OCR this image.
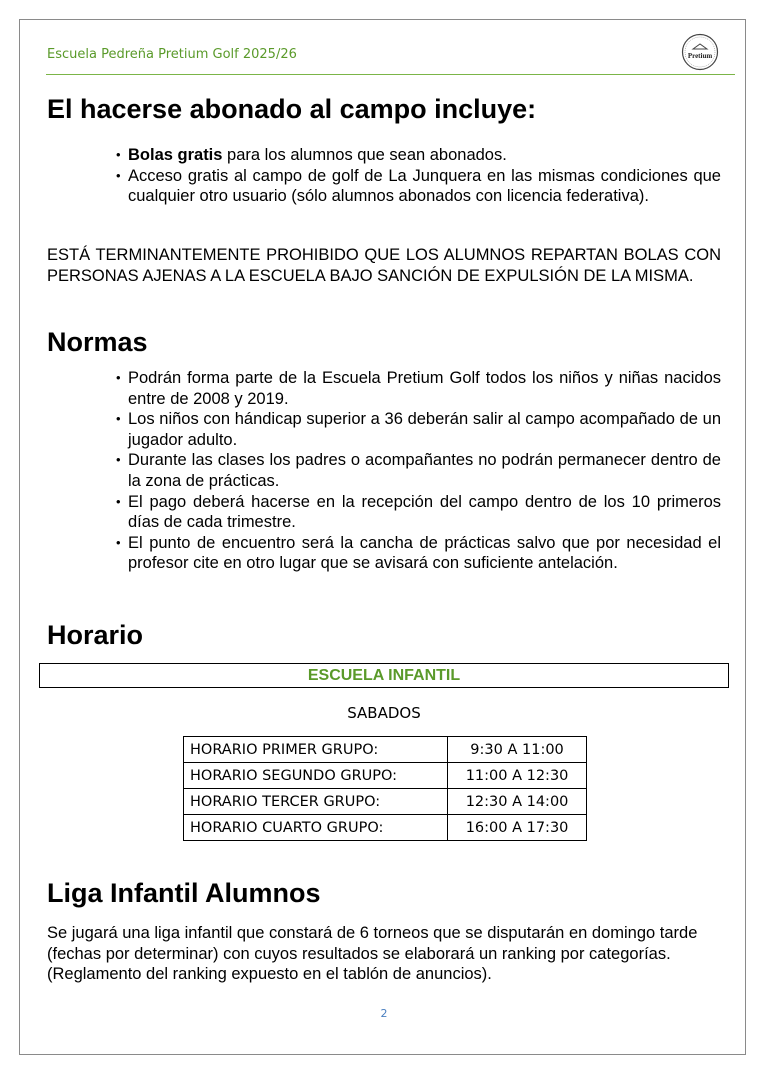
Escuela Pedreña Pretium Golf 2025/26	Pretium
El hacerse abonado al campo incluye:
• Bolas gratis para los alumnos que sean abonados.
• Acceso gratis al campo de golf de La Junquera en las mismas condiciones que cualquier otro usuario (sólo alumnos abonados con licencia federativa).

ESTÁ TERMINANTEMENTE PROHIBIDO QUE LOS ALUMNOS REPARTAN BOLAS CON PERSONAS AJENAS A LA ESCUELA BAJO SANCIÓN DE EXPULSIÓN DE LA MISMA.

Normas
• Podrán forma parte de la Escuela Pretium Golf todos los niños y niñas nacidos entre de 2008 y 2019.
• Los niños con hándicap superior a 36 deberán salir al campo acompañado de un jugador adulto.
• Durante las clases los padres o acompañantes no podrán permanecer dentro de la zona de prácticas.
• El pago deberá hacerse en la recepción del campo dentro de los 10 primeros días de cada trimestre.
• El punto de encuentro será la cancha de prácticas salvo que por necesidad el profesor cite en otro lugar que se avisará con suficiente antelación.
Horario
ESCUELA INFANTIL
SABADOS
HORARIO PRIMER GRUPO:	9:30 A 11:00
HORARIO SEGUNDO GRUPO:	11:00 A 12:30
HORARIO TERCER GRUPO:	12:30 A 14:00
HORARIO CUARTO GRUPO:	16:00 A 17:30
Liga Infantil Alumnos

Se jugará una liga infantil que constará de 6 torneos que se disputarán en domingo tarde (fechas por determinar) con cuyos resultados se elaborará un ranking por categorías. (Reglamento del ranking expuesto en el tablón de anuncios).

2
